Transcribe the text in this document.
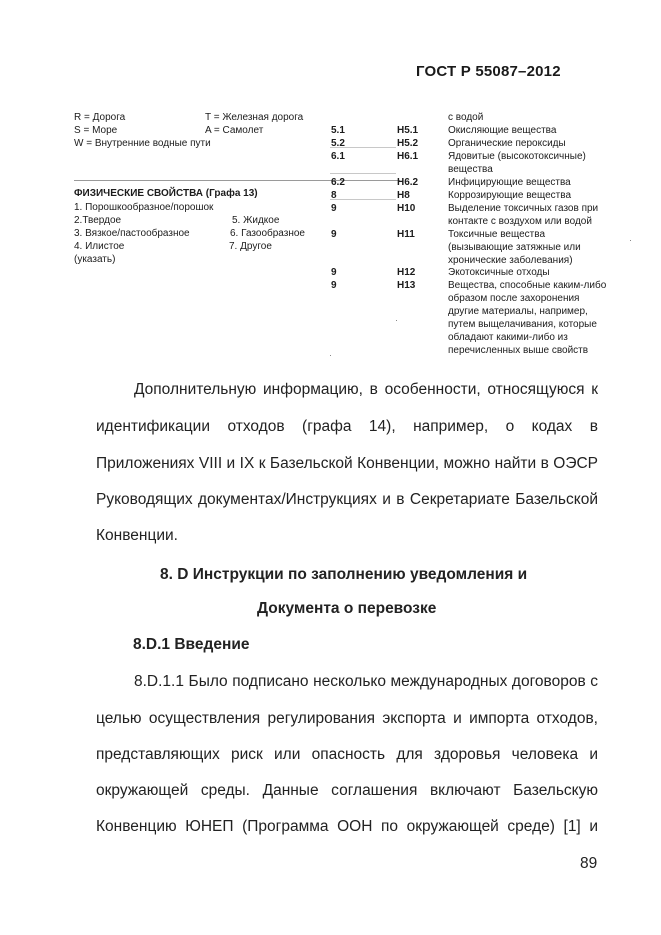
ГОСТ Р 55087–2012
R = Дорога	T = Железная дорога
S = Море	A = Самолет
W = Внутренние водные пути
ФИЗИЧЕСКИЕ СВОЙСТВА (Графа 13)
1. Порошкообразное/порошок
2.Твердое	5. Жидкое
3. Вязкое/пастообразное	6. Газообразное
4. Илистое	7. Другое
(указать)
с водой
5.1	H5.1	Окисляющие вещества
5.2	H5.2	Органические пероксиды
6.1	H6.1	Ядовитые (высокотоксичные)
вещества
6.2	H6.2	Инфицирующие вещества
8	H8	Коррозирующие вещества
9	H10	Выделение токсичных газов при
контакте с воздухом или водой
9	H11	Токсичные вещества
(вызывающие затяжные или
хронические заболевания)
9	H12	Экотоксичные отходы
9	H13	Вещества, способные каким-либо
образом после захоронения
другие материалы, например,
путем выщелачивания, которые
обладают какими-либо из
перечисленных выше свойств
Дополнительную информацию, в особенности, относящуюся к
идентификации отходов (графа 14), например, о кодах в
Приложениях VIII и IX к Базельской Конвенции, можно найти в ОЭСР
Руководящих документах/Инструкциях и в Секретариате Базельской
Конвенции.
8. D Инструкции по заполнению уведомления и
Документа о перевозке
8.D.1 Введение
8.D.1.1 Было подписано несколько международных договоров с
целью осуществления регулирования экспорта и импорта отходов,
представляющих риск или опасность для здоровья человека и
окружающей среды. Данные соглашения включают Базельскую
Конвенцию ЮНЕП (Программа ООН по окружающей среде) [1] и
89
